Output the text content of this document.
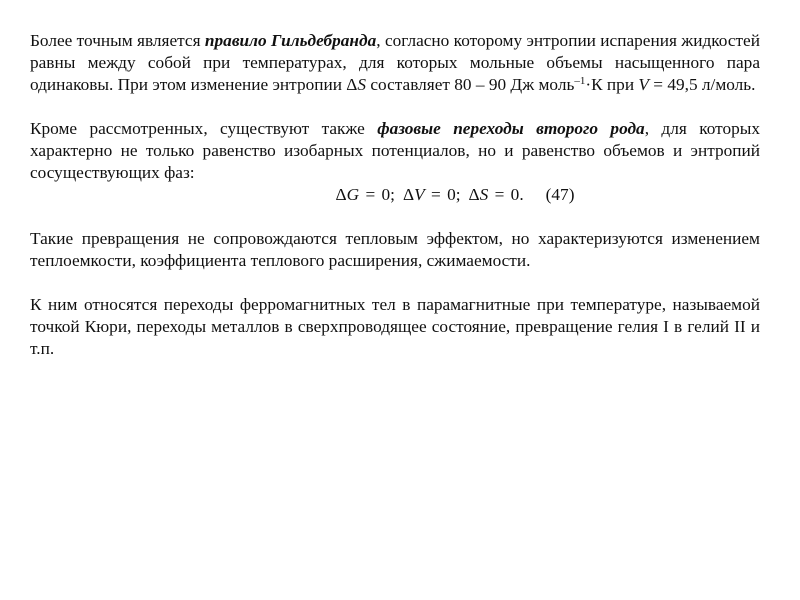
Более точным является правило Гильдебранда, согласно которому энтропии испарения жидкостей равны между собой при температурах, для которых мольные объемы насыщенного пара одинаковы. При этом изменение энтропии ΔS составляет 80 – 90 Дж моль$^{-1}$·К при V = 49,5 л/моль.

Кроме рассмотренных, существуют также фазовые переходы второго рода, для которых характерно не только равенство изобарных потенциалов, но и равенство объемов и энтропий сосуществующих фаз:

ΔG = 0; ΔV = 0; ΔS = 0. (47)

Такие превращения не сопровождаются тепловым эффектом, но характеризуются изменением теплоемкости, коэффициента теплового расширения, сжимаемости.

К ним относятся переходы ферромагнитных тел в парамагнитные при температуре, называемой точкой Кюри, переходы металлов в сверхпроводящее состояние, превращение гелия I в гелий II и т.п.
